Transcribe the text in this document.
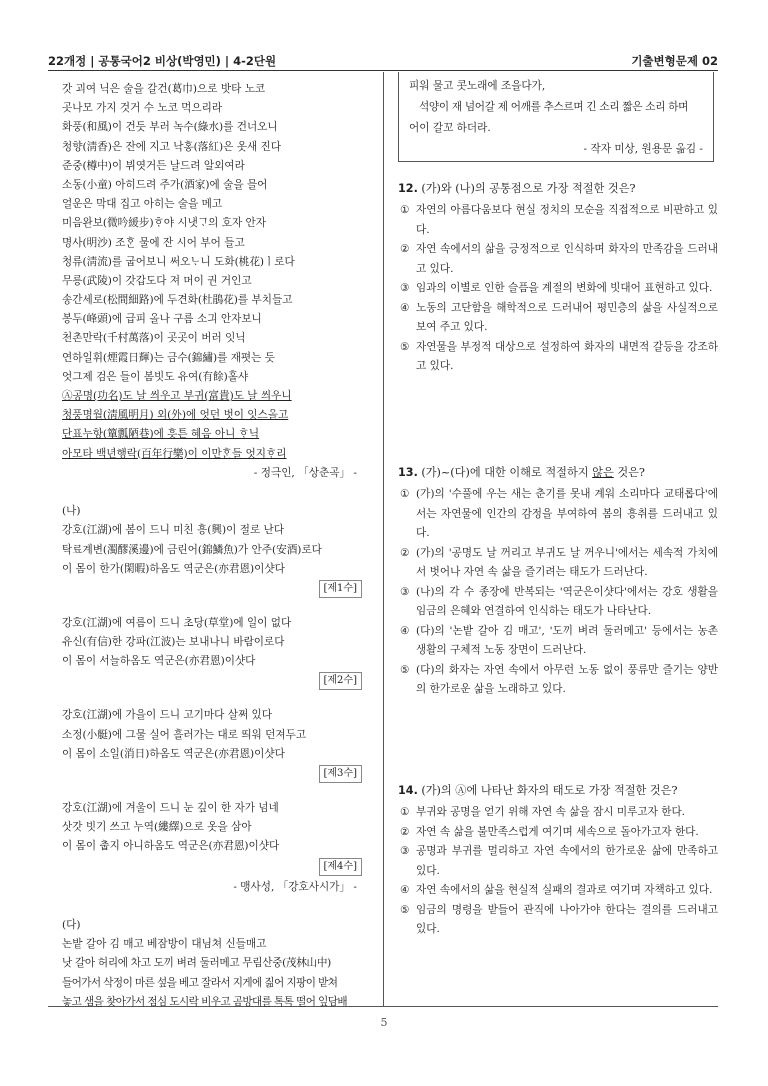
22개정 | 공통국어2 비상(박영민) | 4-2단원	기출변형문제 02
5
갓 괴여 닉은 술을 갈건(葛巾)으로 밧타 노코
곳나모 가지 것거 수 노코 먹으리라
화풍(和風)이 건듯 부러 녹수(綠水)를 건너오니
청향(淸香)은 잔에 지고 낙홍(落紅)은 옷새 진다
준중(樽中)이 뷔엿거든 날드려 알외여라
소동(小童) 아히드려 주가(酒家)에 술을 믈어
얼운은 막대 집고 아히는 술을 메고
미음완보(微吟緩步)ᄒᆞ야 시냇ᄀᆞ의 호자 안자
명사(明沙) 조ᄒᆞᆫ 물에 잔 시어 부어 들고
청류(淸流)를 굽어보니 써오ᄂᆞ니 도화(桃花)ㅣ로다
무릉(武陵)이 갓갑도다 져 머이 권 거인고
송간세로(松間細路)에 두견화(杜鵑花)를 부치들고
봉두(峰頭)에 급피 올나 구름 소긔 안자보니
천촌만락(千村萬落)이 곳곳이 버러 잇닉
연하일휘(煙霞日輝)는 금수(錦繡)를 재폇는 듯
엇그제 검은 들이 봄빗도 유여(有餘)홀샤
Ⓐ공명(功名)도 날 씌우고 부귀(富貴)도 날 씌우니
청풍명월(淸風明月) 외(外)에 엇던 벗이 잇스올고
단표누항(簞瓢陋巷)에 흣튼 혜음 아니 ᄒᆞ닉
아모타 백년행락(百年行樂)이 이만ᄒᆞᆫ들 엇지ᄒᆞ리
- 정극인, 「상춘곡」 -
(나)
강호(江湖)에 봄이 드니 미친 흥(興)이 절로 난다
탁료계변(濁醪溪邊)에 금린어(錦鱗魚)가 안주(安酒)로다
이 몸이 한가(閑暇)하옴도 역군은(亦君恩)이샷다
[제1수]
강호(江湖)에 여름이 드니 초당(草堂)에 일이 없다
유신(有信)한 강파(江波)는 보내나니 바람이로다
이 몸이 서늘하옴도 역군은(亦君恩)이샷다
[제2수]
강호(江湖)에 가을이 드니 고기마다 살쩌 있다
소정(小艇)에 그물 실어 흘러가는 대로 띄워 던져두고
이 몸이 소일(消日)하옴도 역군은(亦君恩)이샷다
[제3수]
강호(江湖)에 겨울이 드니 눈 깊이 한 자가 넘네
삿갓 빗기 쓰고 누역(縷繹)으로 옷을 삼아
이 몸이 춥지 아니하옴도 역군은(亦君恩)이샷다
[제4수]
- 맹사성, 「강호사시가」 -
(다)
논밭 갈아 김 매고 베잠방이 대님쳐 신들매고
낫 갈아 허리에 차고 도끼 벼려 둘러메고 무림산중(茂林山中)
들어가서 삭정이 마른 섶을 베고 잘라서 지게에 짊어 지팡이 받쳐
놓고 샘을 찾아가서 점심 도시락 비우고 곰방대를 톡톡 떨어 잎담배
피워 물고 콧노래에 조을다가,
석양이 재 넘어갈 제 어깨를 추스르며 긴 소리 짧은 소리 하며
어이 갈꼬 하더라.
- 작자 미상, 원용문 옮김 -
12. (가)와 (나)의 공통점으로 가장 적절한 것은?
① 자연의 아름다움보다 현실 정치의 모순을 직접적으로 비판하고 있다.
② 자연 속에서의 삶을 긍정적으로 인식하며 화자의 만족감을 드러내고 있다.
③ 임과의 이별로 인한 슬픔을 계절의 변화에 빗대어 표현하고 있다.
④ 노동의 고단함을 해학적으로 드러내어 평민층의 삶을 사실적으로 보여 주고 있다.
⑤ 자연물을 부정적 대상으로 설정하여 화자의 내면적 갈등을 강조하고 있다.
13. (가)~(다)에 대한 이해로 적절하지 않은 것은?
① (가)의 '수풀에 우는 새는 춘기를 못내 계워 소리마다 교태롭다'에서는 자연물에 인간의 감정을 부여하여 봄의 흥취를 드러내고 있다.
② (가)의 '공명도 날 꺼리고 부귀도 날 꺼우니'에서는 세속적 가치에서 벗어나 자연 속 삶을 즐기려는 태도가 드러난다.
③ (나)의 각 수 종장에 반복되는 '역군은이샷다'에서는 강호 생활을 임금의 은혜와 연결하여 인식하는 태도가 나타난다.
④ (다)의 '논밭 갈아 김 매고', '도끼 벼려 둘러메고' 등에서는 농촌 생활의 구체적 노동 장면이 드러난다.
⑤ (다)의 화자는 자연 속에서 아무런 노동 없이 풍류만 즐기는 양반의 한가로운 삶을 노래하고 있다.
14. (가)의 Ⓐ에 나타난 화자의 태도로 가장 적절한 것은?
① 부귀와 공명을 얻기 위해 자연 속 삶을 잠시 미루고자 한다.
② 자연 속 삶을 불만족스럽게 여기며 세속으로 돌아가고자 한다.
③ 공명과 부귀를 멀리하고 자연 속에서의 한가로운 삶에 만족하고 있다.
④ 자연 속에서의 삶을 현실적 실패의 결과로 여기며 자책하고 있다.
⑤ 임금의 명령을 받들어 관직에 나아가야 한다는 결의를 드러내고 있다.
